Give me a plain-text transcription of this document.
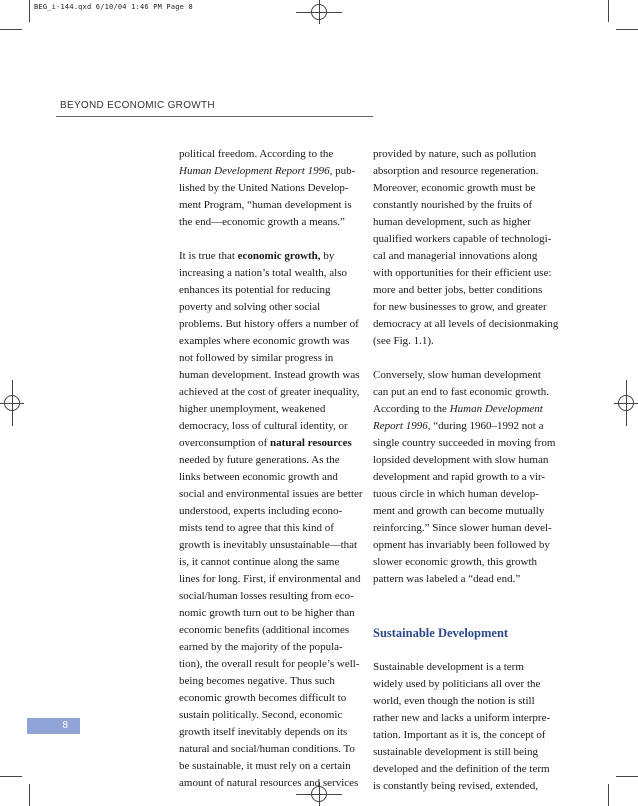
BEG_i-144.qxd 6/10/04 1:46 PM Page 8
BEYOND ECONOMIC GROWTH

political freedom. According to the
Human Development Report 1996, pub-
lished by the United Nations Develop-
ment Program, “human development is
the end—economic growth a means.”

It is true that economic growth, by
increasing a nation’s total wealth, also
enhances its potential for reducing
poverty and solving other social
problems. But history offers a number of
examples where economic growth was
not followed by similar progress in
human development. Instead growth was
achieved at the cost of greater inequality,
higher unemployment, weakened
democracy, loss of cultural identity, or
overconsumption of natural resources
needed by future generations. As the
links between economic growth and
social and environmental issues are better
understood, experts including econo-
mists tend to agree that this kind of
growth is inevitably unsustainable—that
is, it cannot continue along the same
lines for long. First, if environmental and
social/human losses resulting from eco-
nomic growth turn out to be higher than
economic benefits (additional incomes
earned by the majority of the popula-
tion), the overall result for people’s well-
being becomes negative. Thus such
economic growth becomes difficult to
sustain politically. Second, economic
growth itself inevitably depends on its
natural and social/human conditions. To
be sustainable, it must rely on a certain
amount of natural resources and services

provided by nature, such as pollution
absorption and resource regeneration.
Moreover, economic growth must be
constantly nourished by the fruits of
human development, such as higher
qualified workers capable of technologi-
cal and managerial innovations along
with opportunities for their efficient use:
more and better jobs, better conditions
for new businesses to grow, and greater
democracy at all levels of decisionmaking
(see Fig. 1.1).

Conversely, slow human development
can put an end to fast economic growth.
According to the Human Development
Report 1996, “during 1960–1992 not a
single country succeeded in moving from
lopsided development with slow human
development and rapid growth to a vir-
tuous circle in which human develop-
ment and growth can become mutually
reinforcing.” Since slower human devel-
opment has invariably been followed by
slower economic growth, this growth
pattern was labeled a “dead end.”

Sustainable Development

Sustainable development is a term
widely used by politicians all over the
world, even though the notion is still
rather new and lacks a uniform interpre-
tation. Important as it is, the concept of
sustainable development is still being
developed and the definition of the term
is constantly being revised, extended,

8
